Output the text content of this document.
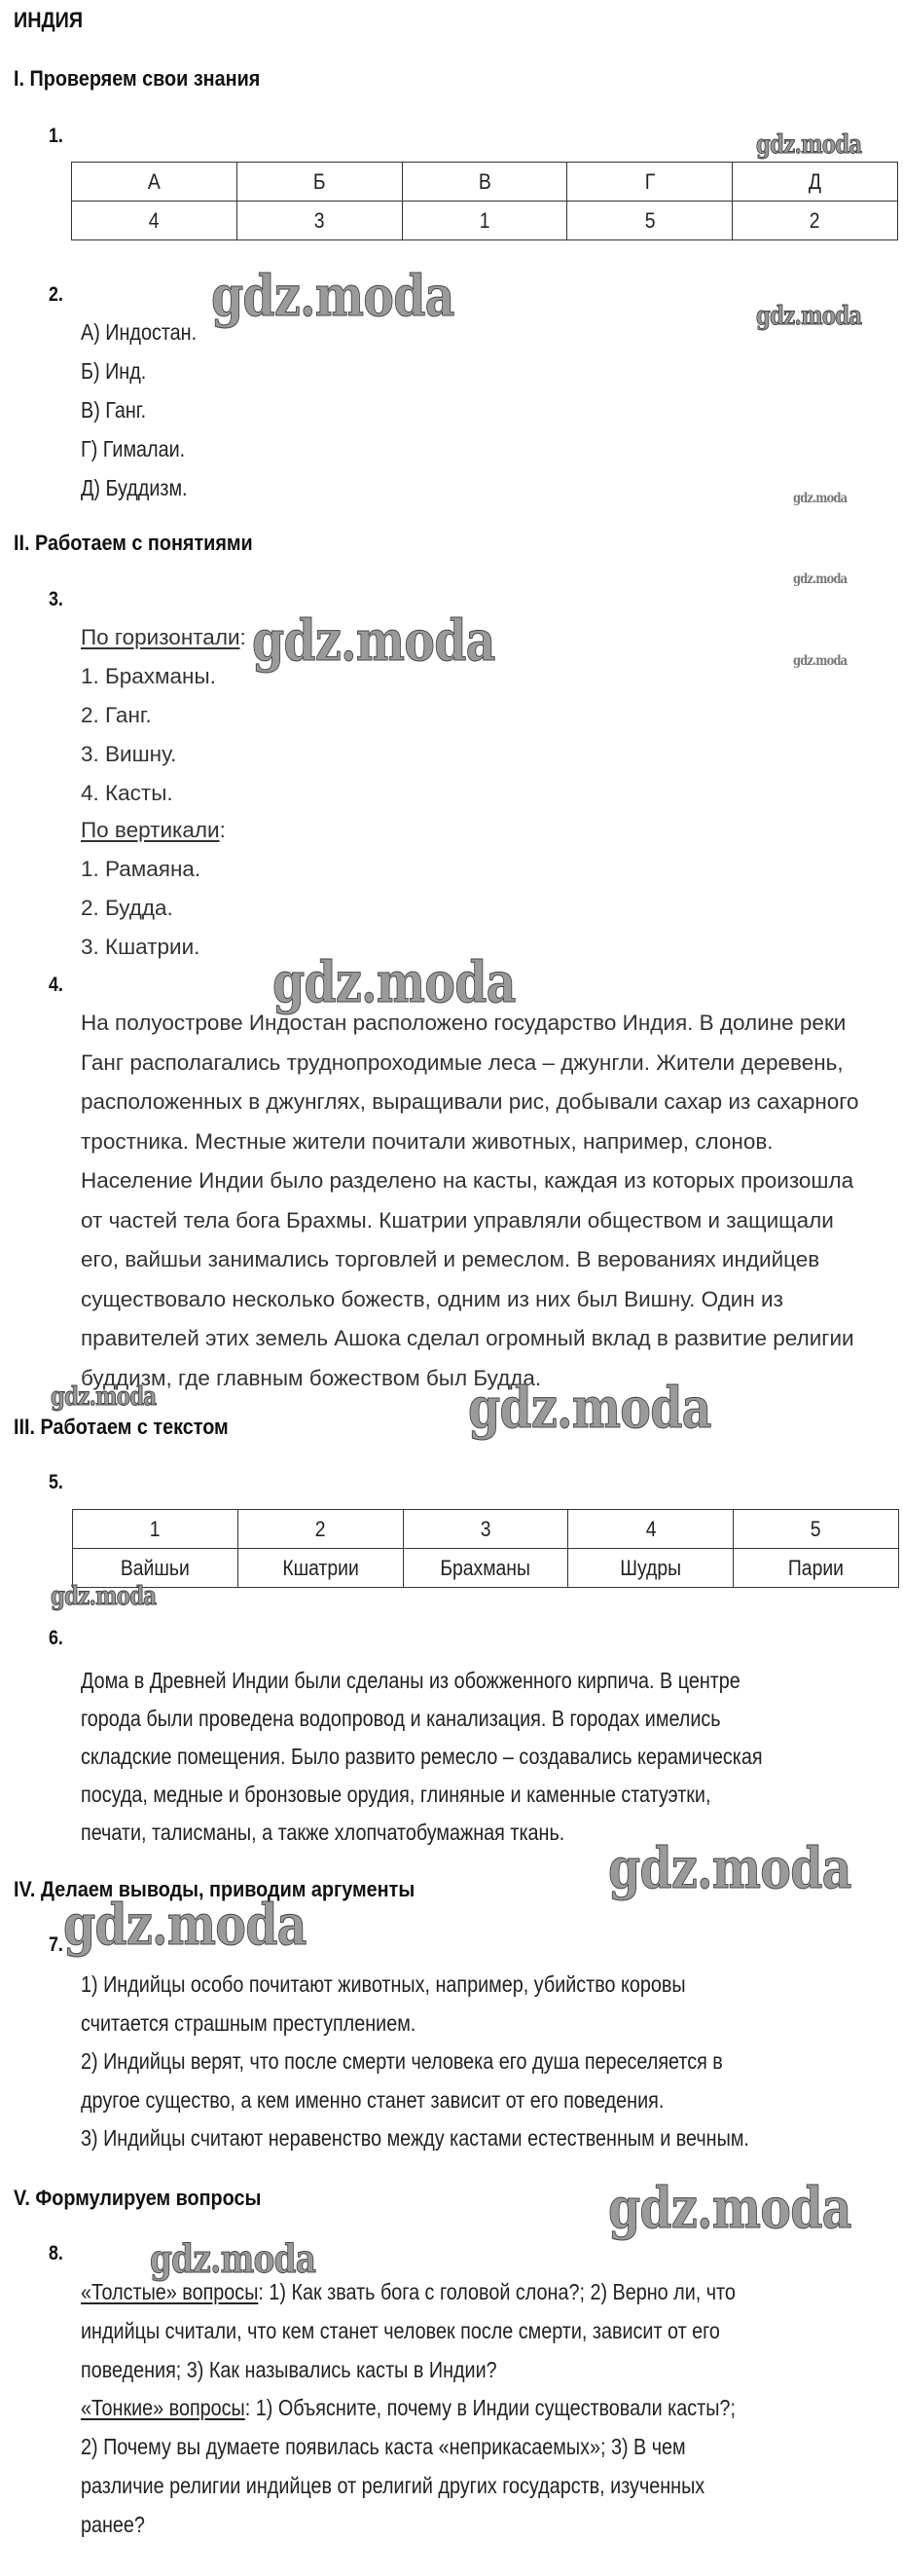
ИНДИЯ
I. Проверяем свои знания
1.
А	Б	В	Г	Д
4	3	1	5	2
2.
А) Индостан.
Б) Инд.
В) Ганг.
Г) Гималаи.
Д) Буддизм.
II. Работаем с понятиями
3.
По горизонтали:
1. Брахманы.
2. Ганг.
3. Вишну.
4. Касты.
По вертикали:
1. Рамаяна.
2. Будда.
3. Кшатрии.
4.
На полуострове Индостан расположено государство Индия. В долине реки
Ганг располагались труднопроходимые леса – джунгли. Жители деревень,
расположенных в джунглях, выращивали рис, добывали сахар из сахарного
тростника. Местные жители почитали животных, например, слонов.
Население Индии было разделено на касты, каждая из которых произошла
от частей тела бога Брахмы. Кшатрии управляли обществом и защищали
его, вайшьи занимались торговлей и ремеслом. В верованиях индийцев
существовало несколько божеств, одним из них был Вишну. Один из
правителей этих земель Ашока сделал огромный вклад в развитие религии
буддизм, где главным божеством был Будда.
III. Работаем с текстом
5.
1	2	3	4	5
Вайшьи	Кшатрии	Брахманы	Шудры	Парии
6.
Дома в Древней Индии были сделаны из обожженного кирпича. В центре
города были проведена водопровод и канализация. В городах имелись
складские помещения. Было развито ремесло – создавались керамическая
посуда, медные и бронзовые орудия, глиняные и каменные статуэтки,
печати, талисманы, а также хлопчатобумажная ткань.
IV. Делаем выводы, приводим аргументы
7.
1) Индийцы особо почитают животных, например, убийство коровы
считается страшным преступлением.
2) Индийцы верят, что после смерти человека его душа переселяется в
другое существо, а кем именно станет зависит от его поведения.
3) Индийцы считают неравенство между кастами естественным и вечным.
V. Формулируем вопросы
8.
«Толстые» вопросы: 1) Как звать бога с головой слона?; 2) Верно ли, что
индийцы считали, что кем станет человек после смерти, зависит от его
поведения; 3) Как назывались касты в Индии?
«Тонкие» вопросы: 1) Объясните, почему в Индии существовали касты?;
2) Почему вы думаете появилась каста «неприкасаемых»; 3) В чем
различие религии индийцев от религий других государств, изученных
ранее?
gdz.moda
gdz.moda	gdz.moda
gdz.moda
gdz.moda
gdz.moda
gdz.moda
gdz.moda
gdz.moda	gdz.moda
gdz.moda
gdz.moda
gdz.moda
gdz.moda
gdz.moda
